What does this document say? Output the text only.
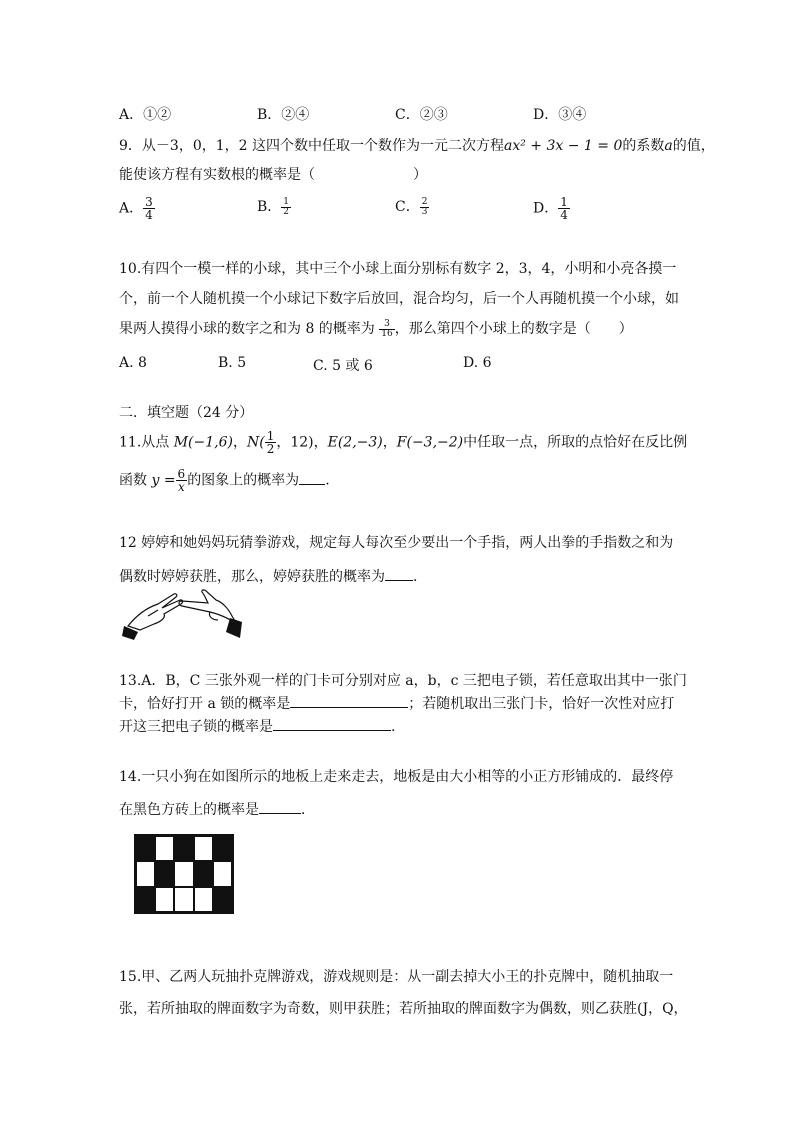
A．①②	B．②④	C．②③	D．③④
9．从－3，0，1，2 这四个数中任取一个数作为一元二次方程ax² + 3x − 1 = 0的系数a的值，
能使该方程有实数根的概率是（　　　　　　　）
A． $\frac{3}{4}$	B． $\frac{1}{2}$	C． $\frac{2}{3}$	D． $\frac{1}{4}$
10.有四个一模一样的小球，其中三个小球上面分别标有数字 2，3，4，小明和小亮各摸一
个，前一个人随机摸一个小球记下数字后放回，混合均匀，后一个人再随机摸一个小球，如
果两人摸得小球的数字之和为 8 的概率为 $\frac{3}{16}$ ，那么第四个小球上的数字是（　　）
A. 8	B. 5	C. 5 或 6	D. 6
二．填空题（24 分）
11.从点 M(−1,6)，$N( \frac{1}{2}$ ，12)，E(2,−3)，F(−3,−2)中任取一点，所取的点恰好在反比例
函数 $y = \frac{6}{x}$ 的图象上的概率为 .
12 婷婷和她妈妈玩猜拳游戏，规定每人每次至少要出一个手指，两人出拳的手指数之和为
偶数时婷婷获胜，那么，婷婷获胜的概率为 .
13.A．B，C 三张外观一样的门卡可分别对应 a，b，c 三把电子锁，若任意取出其中一张门
卡，恰好打开 a 锁的概率是	；若随机取出三张门卡，恰好一次性对应打
开这三把电子锁的概率是	.
14.一只小狗在如图所示的地板上走来走去，地板是由大小相等的小正方形铺成的．最终停
在黑色方砖上的概率是	．
15.甲、乙两人玩抽扑克牌游戏，游戏规则是：从一副去掉大小王的扑克牌中，随机抽取一
张，若所抽取的牌面数字为奇数，则甲获胜；若所抽取的牌面数字为偶数，则乙获胜(J，Q，
